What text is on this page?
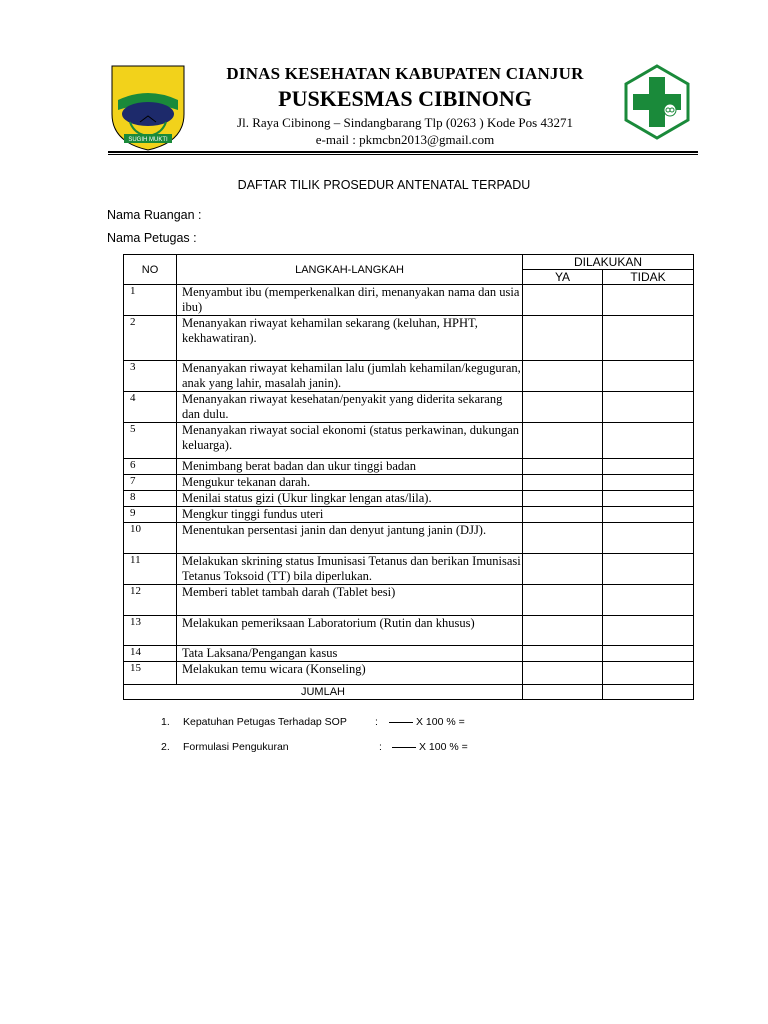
SUGIH MUKTI
DINAS KESEHATAN KABUPATEN CIANJUR
PUSKESMAS CIBINONG
Jl. Raya Cibinong – Sindangbarang Tlp (0263 ) Kode Pos 43271
e-mail : pkmcbn2013@gmail.com
DAFTAR TILIK PROSEDUR ANTENATAL TERPADU
Nama Ruangan :
Nama Petugas :
NO	LANGKAH-LANGKAH	DILAKUKAN	
		YA	TIDAK
1	Menyambut ibu (memperkenalkan diri, menanyakan nama dan usia ibu)		
2	Menanyakan riwayat kehamilan sekarang (keluhan, HPHT, kekhawatiran).		
3	Menanyakan riwayat kehamilan lalu (jumlah kehamilan/keguguran, anak yang lahir, masalah janin).		
4	Menanyakan riwayat kesehatan/penyakit yang diderita sekarang dan dulu.		
5	Menanyakan riwayat social ekonomi (status perkawinan, dukungan keluarga).		
6	Menimbang berat badan dan ukur tinggi badan		
7	Mengukur tekanan darah.		
8	Menilai status gizi (Ukur lingkar lengan atas/lila).		
9	Mengkur tinggi fundus uteri		
10	Menentukan persentasi janin dan denyut jantung janin (DJJ).		
11	Melakukan skrining status Imunisasi Tetanus dan berikan Imunisasi Tetanus Toksoid (TT) bila diperlukan.		
12	Memberi tablet tambah darah (Tablet besi)		
13	Melakukan pemeriksaan Laboratorium (Rutin dan khusus)		
14	Tata Laksana/Pengangan kasus		
15	Melakukan temu wicara (Konseling)		
JUMLAH			
1. Kepatuhan Petugas Terhadap SOP	:	X 100 % =
2. Formulasi Pengukuran	:	X 100 % =
